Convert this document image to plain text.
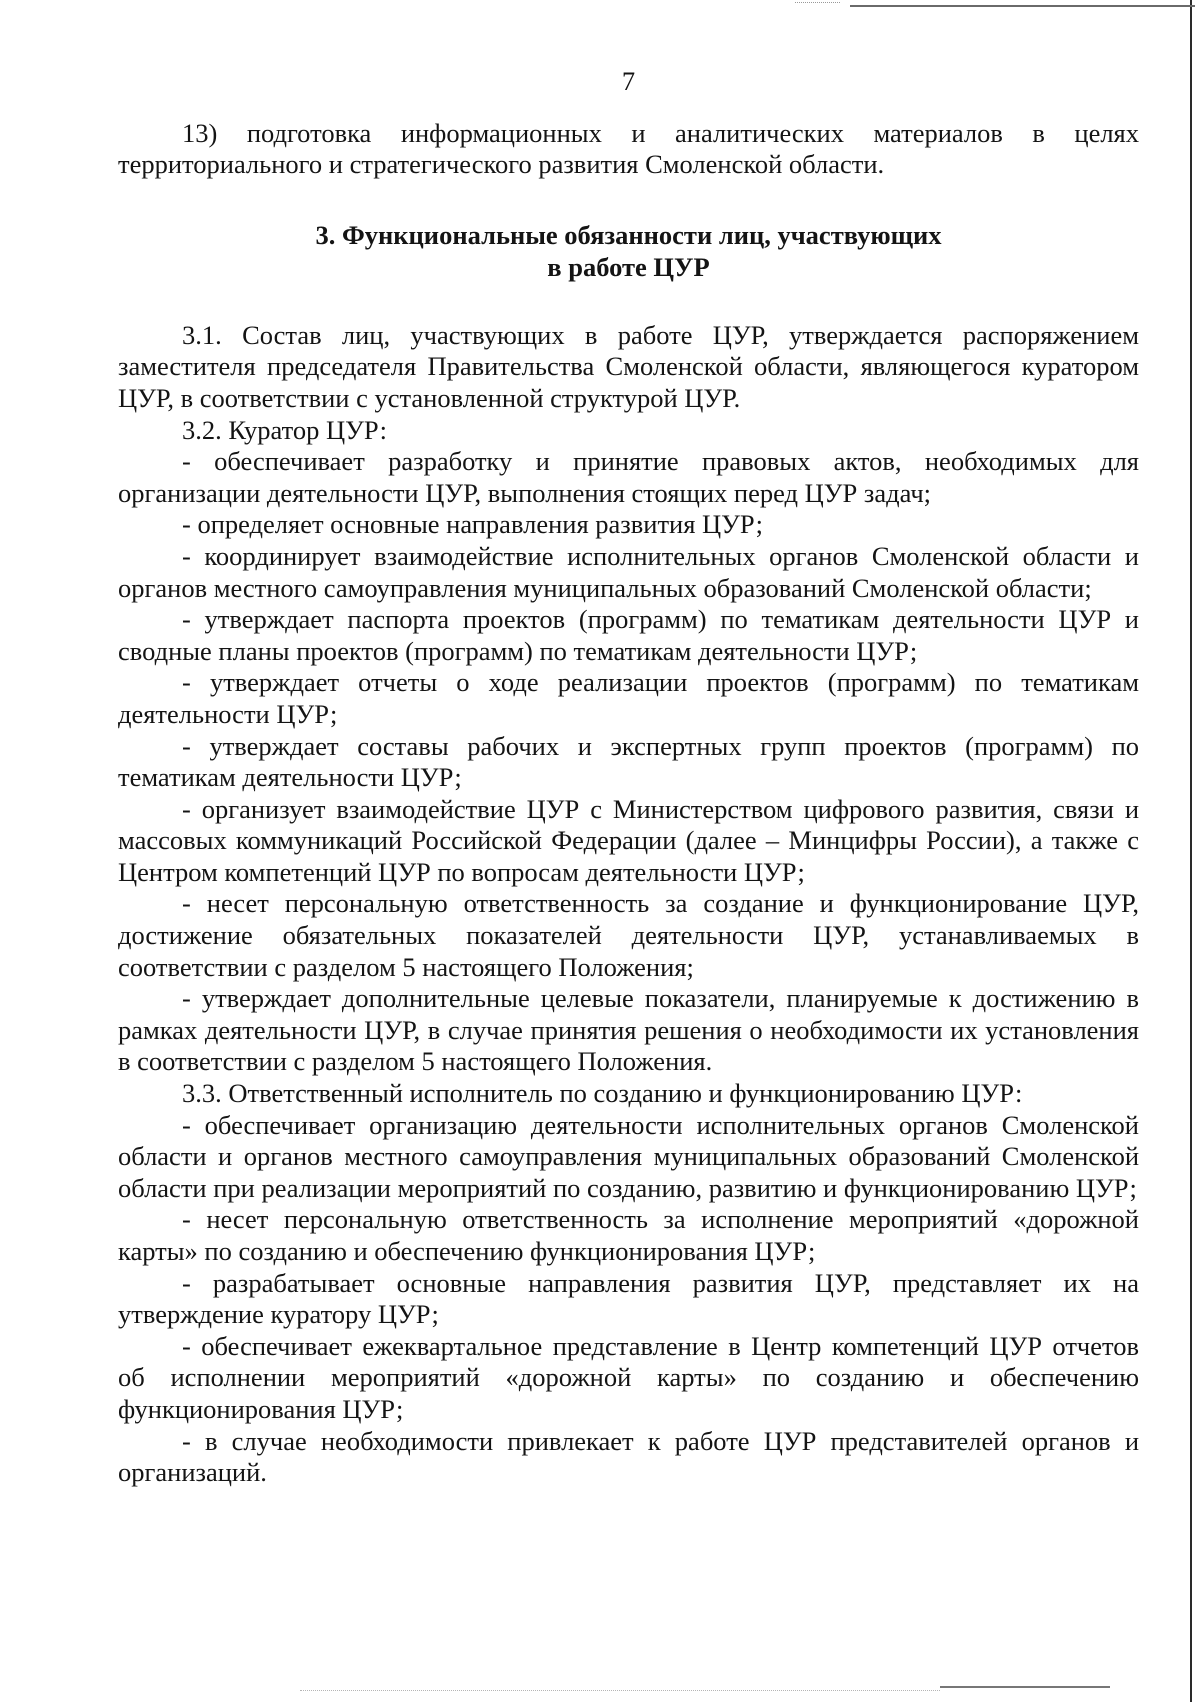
7

13) подготовка информационных и аналитических материалов в целях территориального и стратегического развития Смоленской области.

3. Функциональные обязанности лиц, участвующих
в работе ЦУР

3.1. Состав лиц, участвующих в работе ЦУР, утверждается распоряжением заместителя председателя Правительства Смоленской области, являющегося куратором ЦУР, в соответствии с установленной структурой ЦУР.

3.2. Куратор ЦУР:

- обеспечивает разработку и принятие правовых актов, необходимых для организации деятельности ЦУР, выполнения стоящих перед ЦУР задач;

- определяет основные направления развития ЦУР;

- координирует взаимодействие исполнительных органов Смоленской области и органов местного самоуправления муниципальных образований Смоленской области;

- утверждает паспорта проектов (программ) по тематикам деятельности ЦУР и сводные планы проектов (программ) по тематикам деятельности ЦУР;

- утверждает отчеты о ходе реализации проектов (программ) по тематикам деятельности ЦУР;

- утверждает составы рабочих и экспертных групп проектов (программ) по тематикам деятельности ЦУР;

- организует взаимодействие ЦУР с Министерством цифрового развития, связи и массовых коммуникаций Российской Федерации (далее – Минцифры России), а также с Центром компетенций ЦУР по вопросам деятельности ЦУР;

- несет персональную ответственность за создание и функционирование ЦУР, достижение обязательных показателей деятельности ЦУР, устанавливаемых в соответствии с разделом 5 настоящего Положения;

- утверждает дополнительные целевые показатели, планируемые к достижению в рамках деятельности ЦУР, в случае принятия решения о необходимости их установления в соответствии с разделом 5 настоящего Положения.

3.3. Ответственный исполнитель по созданию и функционированию ЦУР:

- обеспечивает организацию деятельности исполнительных органов Смоленской области и органов местного самоуправления муниципальных образований Смоленской области при реализации мероприятий по созданию, развитию и функционированию ЦУР;

- несет персональную ответственность за исполнение мероприятий «дорожной карты» по созданию и обеспечению функционирования ЦУР;

- разрабатывает основные направления развития ЦУР, представляет их на утверждение куратору ЦУР;

- обеспечивает ежеквартальное представление в Центр компетенций ЦУР отчетов об исполнении мероприятий «дорожной карты» по созданию и обеспечению функционирования ЦУР;

- в случае необходимости привлекает к работе ЦУР представителей органов и организаций.
